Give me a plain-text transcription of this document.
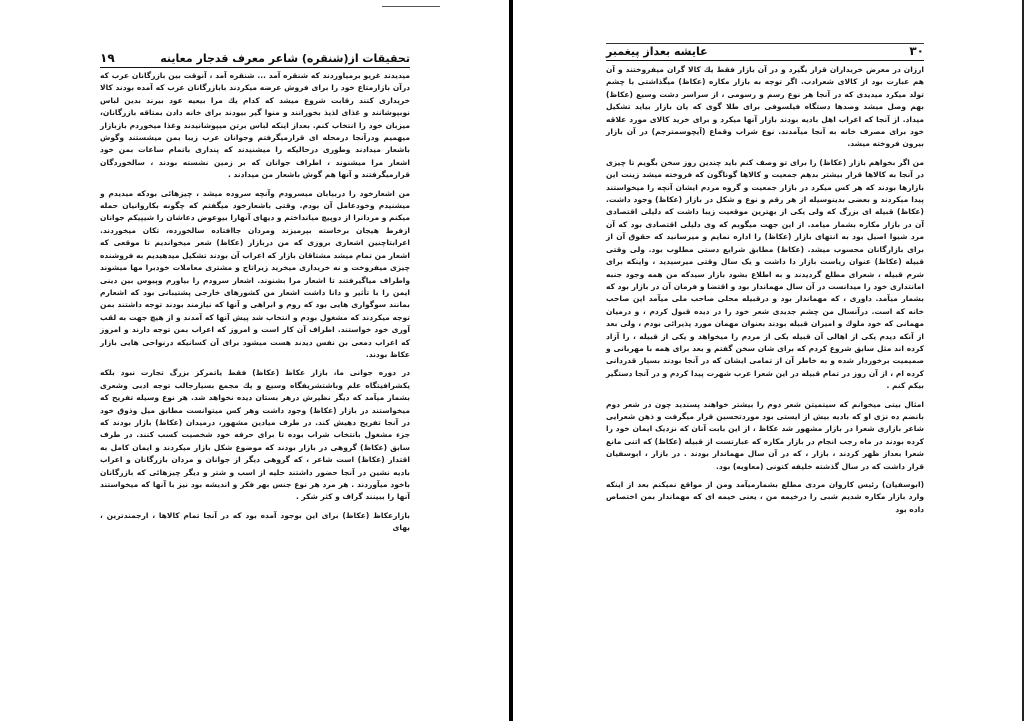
تحقیقات از(شنقره) شاعر معرف قدجار معاینه
۱۹

میدیدند غریو برمیاوردند که شنقره آمد ... شنقره آمد ، آنوقت بین بازرگانان عرب که درآن بازارمتاع خود را برای فروش عرضه میکردند بابازرگانان عرب که آمده بودند کالا خریداری کنند رقابت شروع میشد که کدام یك مرا بیعیه عود بیرند بدین لباس نوبپوشانند و غذای لذیذ بخورانند و منوا گیر بیودند برای خانه دادن بمتاقه بازرگانان، میزبان خود را انتخاب کنم. بعداز اینکه لباس برتن میپوشانیدند وغذا میخوردم بازبازار میهمیم ودرآنجا درمحله ای قرارمیگرفتم وجوانان عرب زیبا بمن میشستند وگوش باشعار میدادند وطوری درحالیکه را میشنیدند که پنداری باتمام ساعات بمن خود اشعار مرا میشنوند ، اطراف جوانان که بر زمین نشسته بودند ، سالخوردگان قرارمیگرفتند و آنها هم گوش باشعار من میدادند .

من اشعارخود را دربیابان میسرودم وآنچه سروده میشد ، چیزهائی بودکه میدیدم و میشنیدم وخودعامل آن بودم. وقتی باشعارخود میگفتم که چگونه بکاروانیان حمله میکنم و مردانرا از دوپیچ میانداختم و دیهای آنهارا بیوعوض دعاشان را شیپیکم جوانان ازفرط هیجان برخاسته بپرمیزند ومردان جاافتاده سالخورده، تکان میخوردند. اعرابتاچنین اشعاری بروزی که من دربازار (عکاظ) شعر میخواندیم تا موقعی که اشعار من تمام میشد مشتاقان بازار که اعراب آن بودند تشکیل میدهیدیم به فروشنده چیزی میفروخت و نه خریداری میخرید زیراتاج و مشتری معاملات خودبرا مها میشوند واطراف میاگیرفتند تا اشعار مرا بشنوند. اشعار سرودم را بیاورم وپیوس بین دینی ایمن را با تأثیر و دانا داشت اشعار من کشورهای خارجی پشتیبانی بود که اشعارم بمانند سوگواری هایی بود که روم و ابراهی و آنها که نیازمند بودند توجه داشتند بمن توجه میکردند که مشغول بودم و انتخاب شد پیش آنها که آمدند و از هیچ جهت به لقب آوری خود خواستند. اطراف آن کار است و امروز که اعراب بمن توجه دارند و امروز که اعراب دمعی بن نفس دیدند هست میشود برای آن کسانیکه درنواحی هایی بازار عکاظ بودند.

در دوره جوانی ما، بازار عکاظ (عکاظ) فقط یاتمرکز بزرگ تجارت نبود بلکه یکشرافیتگاه علم وباشتشریفگاه وسیع و یك مجمع بسیارجالب توجه ادبی وشعری بشمار میآمد که دیگر نظیرش درهر بستان دیده نخواهد شد. هر نوع وسیله تفریح که میخواستند در بازار (عکاظ) وجود داشت وهر کس میتوانست مطابق میل وذوق خود در آنجا تفریح دهیش کند. در طرف میادین مشهور، درمیدان (عکاظ) بازار بودند که جزء مشغول بانتخاب شراب بوده تا برای حرفه خود شخصیت کسب کنند. در طرف سابق (عکاظ) گروهی در بازار بودند که موضوع شکل بازار میکردند و ایمان کامل به اقتدار (عکاظ) است شاعر ، که گروهی دیگر از جوانان و مردان بازرگانان و اعراب بادیه نشین در آنجا حضور داشتند حلیه از اسب و شتر و دیگر چیزهائی که بازرگانان باخود میآوردند . هر مرد هر نوع جنس بهر فکر و اندیشه بود نیز با آنها که میخواستند آنها را ببینند گراف و کثر شکر .

بازارعکاظ (عکاظ) برای این بوجود آمده بود که در آنجا تمام کالاها ، ارجمندترین ، بهای

عایشه بعداز پیغمبر	۳۰

ارزان در معرض خریداران قرار بگیرد و در آن بازار فقط یك کالا گران میفروختند و آن هم عبارت بود از کالای شعرادب. اگر توجه به بازار مکاره (عکاظ) میگذاشتی با چشم تولد میکرد میدیدی که در آنجا هر نوع رسم و رسومی ، از سراسر دشت وسیع (عکاظ) بهم وصل میشد وصدها دستگاه فیلسوفی برای طلا گوی که یان بازار بیاید تشکیل میداد. از آنجا که اعراب اهل بادیه بودند بازار آنها میکرد و برای خرید کالای مورد علاقه خود برای مصرف خانه به آنجا میآمدند. نوع شراب وقماع (آیچوسمترجم) در آن بازار بیرون فروخته میشد.

من اگر بخواهم بازار (عکاظ) را برای تو وصف کنم باید چندین روز سخن بگویم تا چیزی در آنجا به کالاها قرار بیشتر بدهم جمعیت و کالاها گوناگون که فروخته میشد زینت این بازارها بودند که هر کس میکرد در بازار جمعیت و گروه مردم ایشان آنچه را میخواستند پیدا میکردند و بعضی بدینوسیله از هر رقم و نوع و شکل در بازار (عکاظ) وجود داشت. (عکاظ) قبیله ای بزرگ که ولی یکی از بهترین موقعیت زیبا داشت که دلیلی اقتصادی آن در بازار مکاره بشمار میامد. از این جهت میگویم که وی دلیلی اقتصادی بود که آن مرد شیوا اصیل بود به انتهای بازار (عکاظ) را اداره نمایم و میرسانید که حقوق آن از برای بازارگانان محسوب میشد. (عکاظ) مطابق شرایع دستی مطلوب بود. ولی وقتی قبیله (عکاظ) عنوان ریاست بازار دا داشت و یک سال وقتی میرسیدید ، واینکه برای شرم قبیله ، شعرای مطلع گردیدند و به اطلاع بشود بازار سیدکه من همه وجود جنبه امانتداری خود را میدانست در آن سال مهماندار بود و اقتضا و فرمان آن در بازار بود که بشمار میآمد. داوری ، که مهماندار بود و درقبیله محلی صاحب ملی میآمد این صاحب خانه که است. درآنسال من چشم جدیدی شعر خود را در دیده قبول کردم ، و درمیان مهمانی که خود ملوك و امیران قبیله بودند بعنوان مهمان مورد پذیرائی بودم ، ولی بعد از آنکه دیدم یکی از اهالی آن قبیله یکی از مردم را میخواهد و یکی از قبیله ، را آزاد کرده اند مثل سابق شروع کردم که برای شان سخن گفتم و بعد برای همه با مهربانی و صمیمیت برخوردار شده و به خاطر آن از تمامی ایشان که در آنجا بودند بسیار قدردانی کرده ام ، از آن روز در تمام قبیله در این شعرا عرب شهرت پیدا کردم و در آنجا دستگیر بیکم کنم .

امثال بیتی میخوانم که سیتمیتن شعر دوم را بیشتر خواهند پسندید چون در شعر دوم بانضم ده نزی او که بادیه بیش از ایستی بود موردتحسین قرار میگرفت و ذهن شعرایی شاعر بازاری شعرا در بازار مشهور شد عکاظ ، از این بابت آنان که نزدیک ایمان خود را کرده بودند در ماه رجب انجام در بازار مکاره که عبارتست از قبیله (عکاظ) که اتنی مانع شعرا بعداز ظهر کردند ، بازار ، که در آن سال مهماندار بودند . در بازار ، ابوسفیان قرار داشت که در سال گذشته خلیفه کنونی (معاویه) بود.

(ابوسفیان) رئیس کاروان مردی مطلع بشمارمیآمد ومن از مواقع نميکنم بعد از اینکه وارد بازار مکاره شدیم شبی را درخیمه من ، یعنی خیمه ای که مهماندار بمن اختصاص داده بود
